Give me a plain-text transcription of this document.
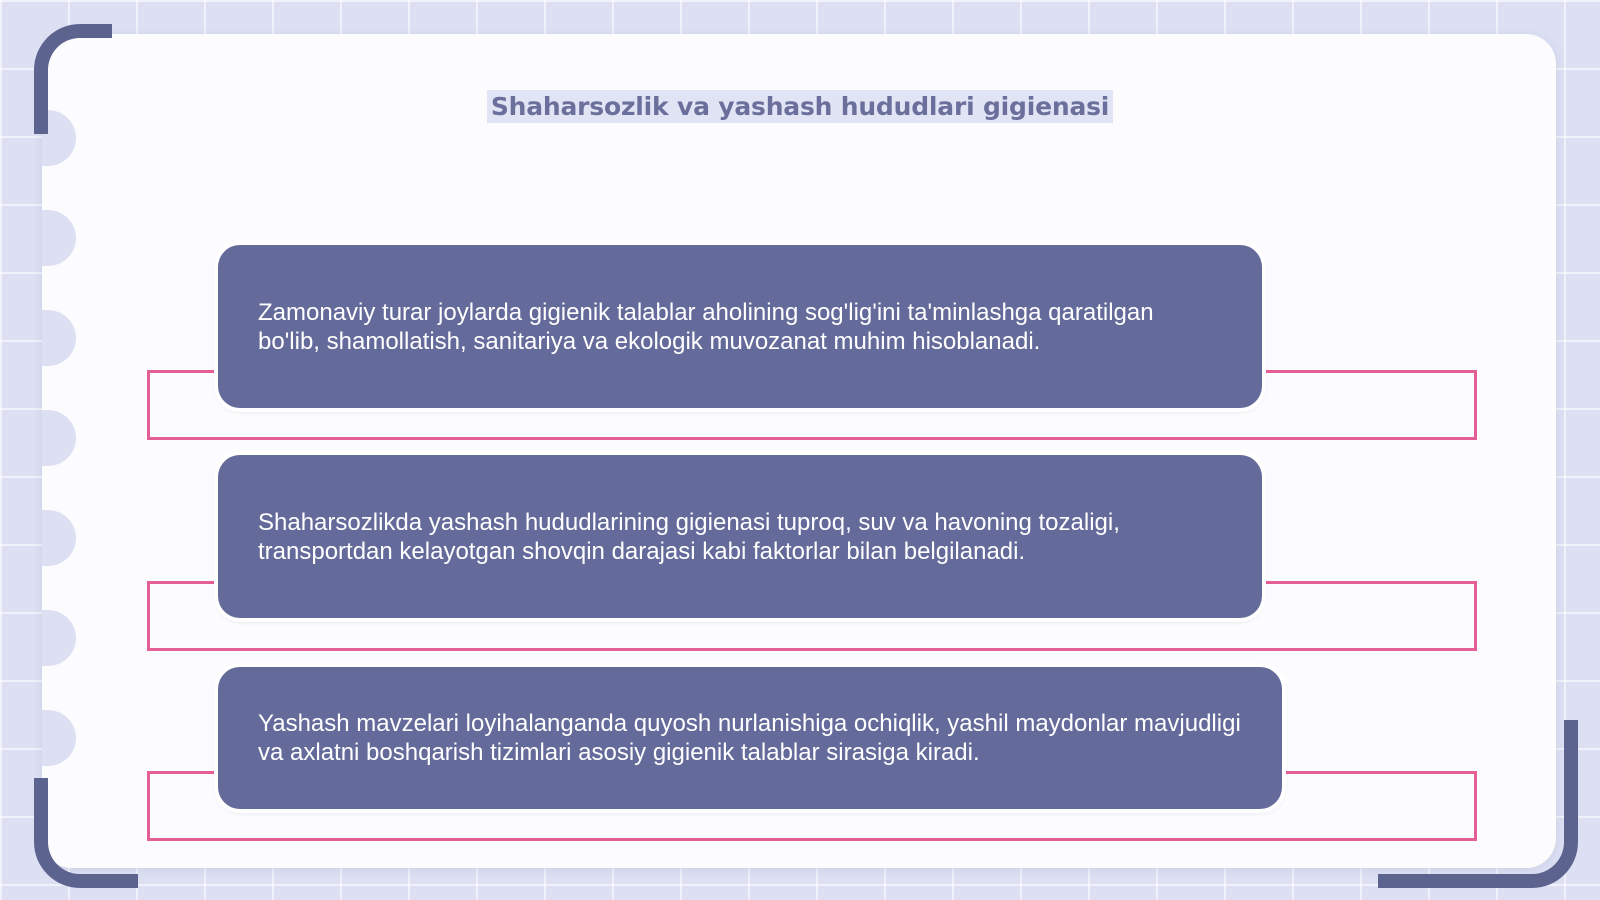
Shaharsozlik va yashash hududlari gigienasi

Zamonaviy turar joylarda gigienik talablar aholining sog'lig'ini ta'minlashga qaratilgan bo'lib, shamollatish, sanitariya va ekologik muvozanat muhim hisoblanadi.

Shaharsozlikda yashash hududlarining gigienasi tuproq, suv va havoning tozaligi, transportdan kelayotgan shovqin darajasi kabi faktorlar bilan belgilanadi.

Yashash mavzelari loyihalanganda quyosh nurlanishiga ochiqlik, yashil maydonlar mavjudligi va axlatni boshqarish tizimlari asosiy gigienik talablar sirasiga kiradi.
